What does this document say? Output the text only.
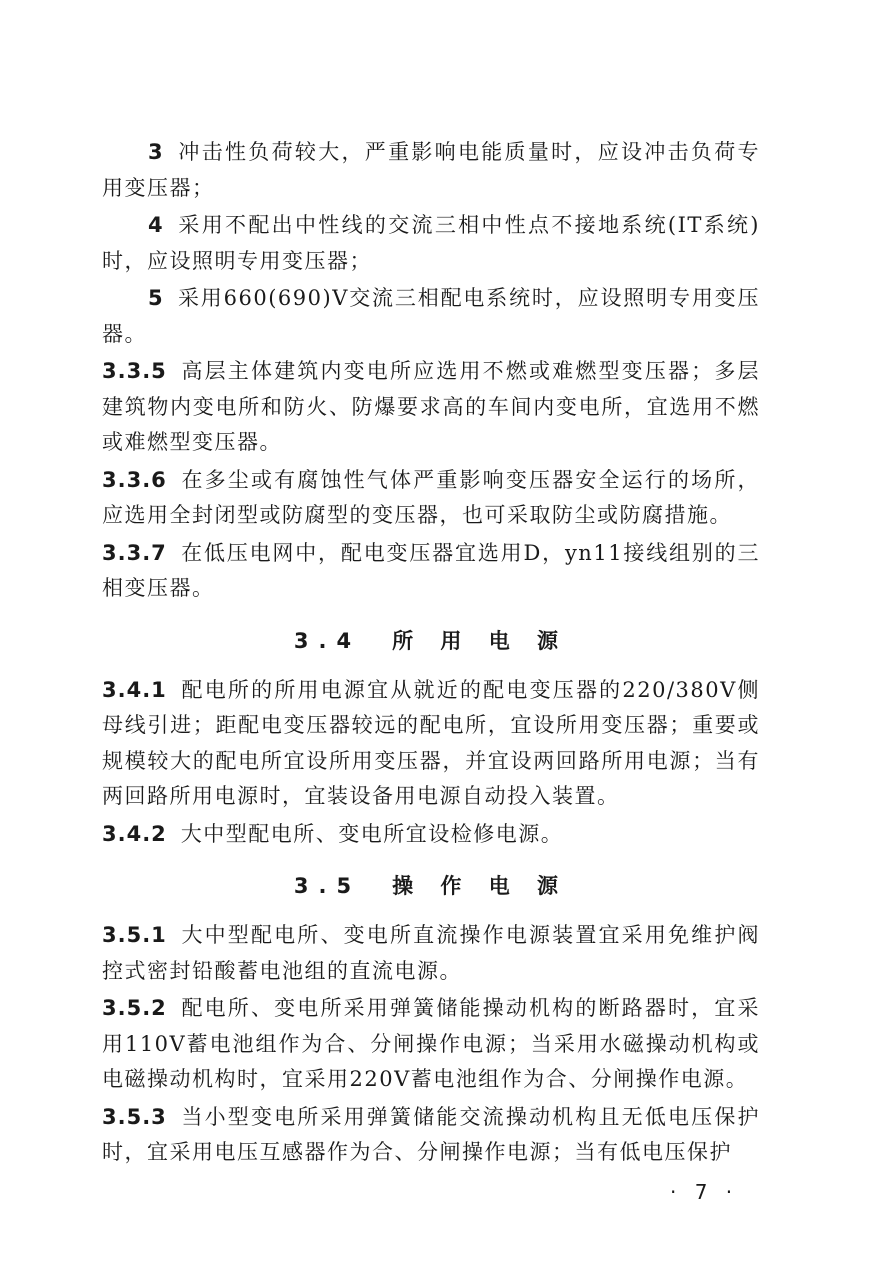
3 冲击性负荷较大，严重影响电能质量时，应设冲击负荷专用变压器；

4 采用不配出中性线的交流三相中性点不接地系统(IT系统)时，应设照明专用变压器；

5 采用660(690)V交流三相配电系统时，应设照明专用变压器。

3.3.5 高层主体建筑内变电所应选用不燃或难燃型变压器；多层建筑物内变电所和防火、防爆要求高的车间内变电所，宜选用不燃或难燃型变压器。

3.3.6 在多尘或有腐蚀性气体严重影响变压器安全运行的场所，应选用全封闭型或防腐型的变压器，也可采取防尘或防腐措施。

3.3.7 在低压电网中，配电变压器宜选用D，yn11接线组别的三相变压器。

3.4　所 用 电 源

3.4.1 配电所的所用电源宜从就近的配电变压器的220/380V侧母线引进；距配电变压器较远的配电所，宜设所用变压器；重要或规模较大的配电所宜设所用变压器，并宜设两回路所用电源；当有两回路所用电源时，宜装设备用电源自动投入装置。

3.4.2 大中型配电所、变电所宜设检修电源。

3.5　操 作 电 源

3.5.1 大中型配电所、变电所直流操作电源装置宜采用免维护阀控式密封铅酸蓄电池组的直流电源。

3.5.2 配电所、变电所采用弹簧储能操动机构的断路器时，宜采用110V蓄电池组作为合、分闸操作电源；当采用水磁操动机构或电磁操动机构时，宜采用220V蓄电池组作为合、分闸操作电源。

3.5.3 当小型变电所采用弹簧储能交流操动机构且无低电压保护时，宜采用电压互感器作为合、分闸操作电源；当有低电压保护

· 7 ·
